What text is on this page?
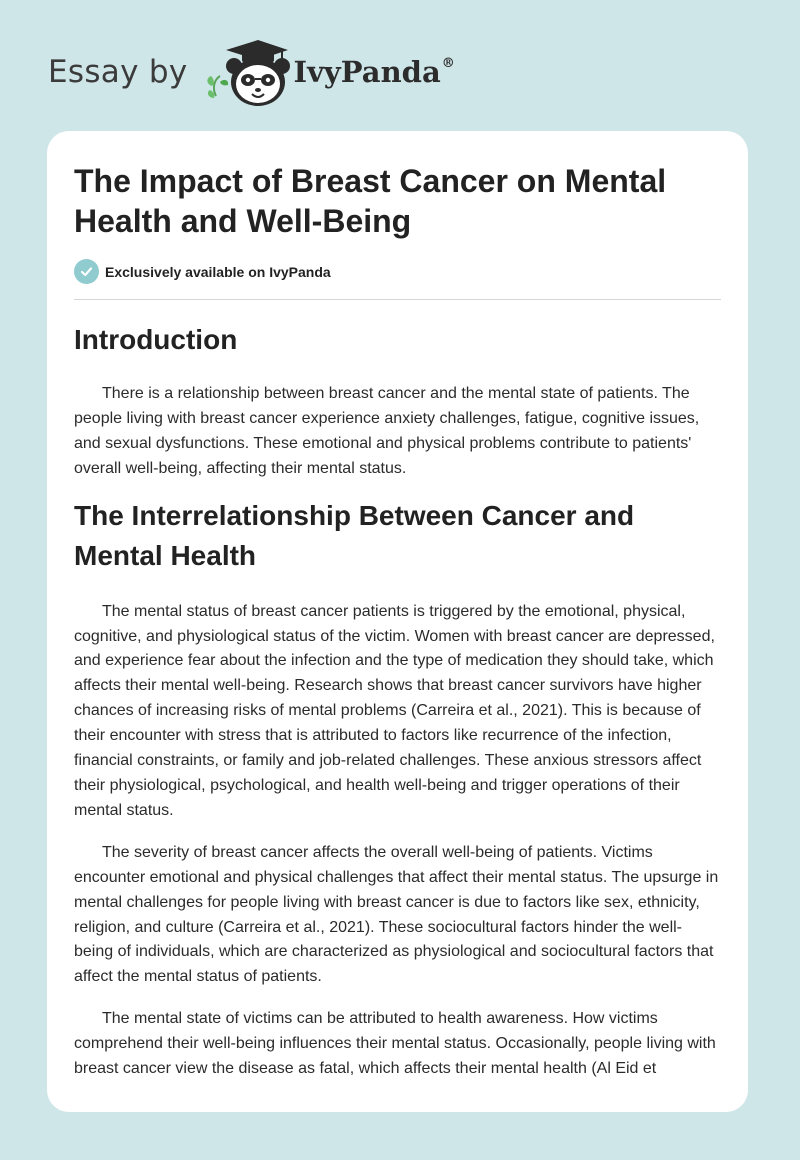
Essay by	IvyPanda®
The Impact of Breast Cancer on Mental Health and Well-Being
Exclusively available on IvyPanda
Introduction

There is a relationship between breast cancer and the mental state of patients. The people living with breast cancer experience anxiety challenges, fatigue, cognitive issues, and sexual dysfunctions. These emotional and physical problems contribute to patients' overall well-being, affecting their mental status.

The Interrelationship Between Cancer and Mental Health

The mental status of breast cancer patients is triggered by the emotional, physical, cognitive, and physiological status of the victim. Women with breast cancer are depressed, and experience fear about the infection and the type of medication they should take, which affects their mental well-being. Research shows that breast cancer survivors have higher chances of increasing risks of mental problems (Carreira et al., 2021). This is because of their encounter with stress that is attributed to factors like recurrence of the infection, financial constraints, or family and job-related challenges. These anxious stressors affect their physiological, psychological, and health well-being and trigger operations of their mental status.

The severity of breast cancer affects the overall well-being of patients. Victims encounter emotional and physical challenges that affect their mental status. The upsurge in mental challenges for people living with breast cancer is due to factors like sex, ethnicity, religion, and culture (Carreira et al., 2021). These sociocultural factors hinder the well-being of individuals, which are characterized as physiological and sociocultural factors that affect the mental status of patients.

The mental state of victims can be attributed to health awareness. How victims comprehend their well-being influences their mental status. Occasionally, people living with breast cancer view the disease as fatal, which affects their mental health (Al Eid et
